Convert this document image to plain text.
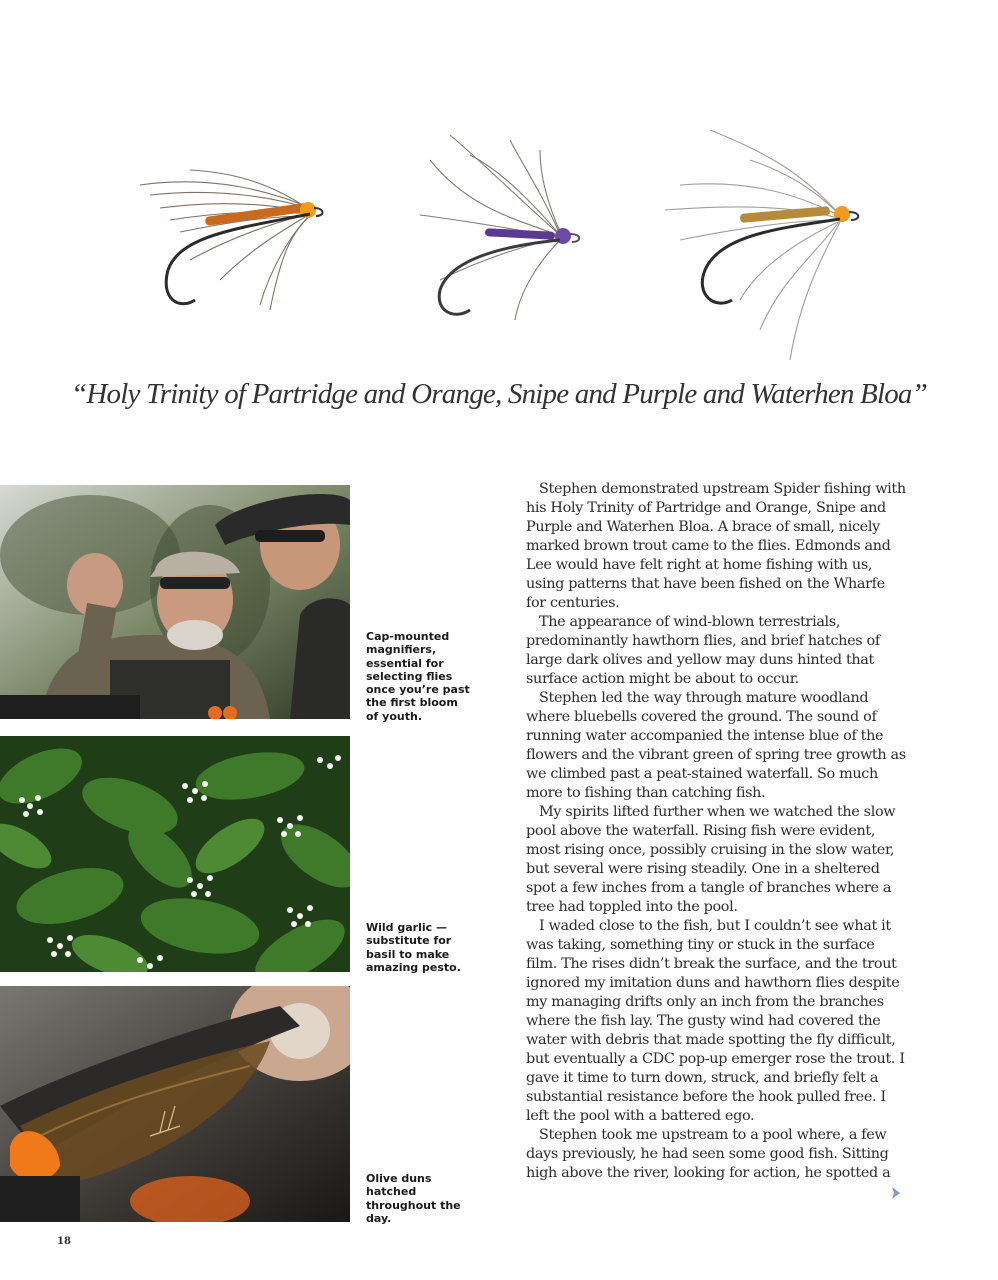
“Holy Trinity of Partridge and Orange, Snipe and Purple and Waterhen Bloa”

Cap-mounted magnifiers, essential for selecting flies once you’re past the first bloom of youth.

Wild garlic — substitute for basil to make amazing pesto.

Olive duns hatched throughout the day.

Stephen demonstrated upstream Spider fishing with his Holy Trinity of Partridge and Orange, Snipe and Purple and Waterhen Bloa. A brace of small, nicely marked brown trout came to the flies. Edmonds and Lee would have felt right at home fishing with us, using patterns that have been fished on the Wharfe for centuries.

The appearance of wind-blown terrestrials, predominantly hawthorn flies, and brief hatches of large dark olives and yellow may duns hinted that surface action might be about to occur.

Stephen led the way through mature woodland where bluebells covered the ground. The sound of running water accompanied the intense blue of the flowers and the vibrant green of spring tree growth as we climbed past a peat-stained waterfall. So much more to fishing than catching fish.

My spirits lifted further when we watched the slow pool above the waterfall. Rising fish were evident, most rising once, possibly cruising in the slow water, but several were rising steadily. One in a sheltered spot a few inches from a tangle of branches where a tree had toppled into the pool.

I waded close to the fish, but I couldn’t see what it was taking, something tiny or stuck in the surface film. The rises didn’t break the surface, and the trout ignored my imitation duns and hawthorn flies despite my managing drifts only an inch from the branches where the fish lay. The gusty wind had covered the water with debris that made spotting the fly difficult, but eventually a CDC pop-up emerger rose the trout. I gave it time to turn down, struck, and briefly felt a substantial resistance before the hook pulled free. I left the pool with a battered ego.

Stephen took me upstream to a pool where, a few days previously, he had seen some good fish. Sitting high above the river, looking for action, he spotted a

18
